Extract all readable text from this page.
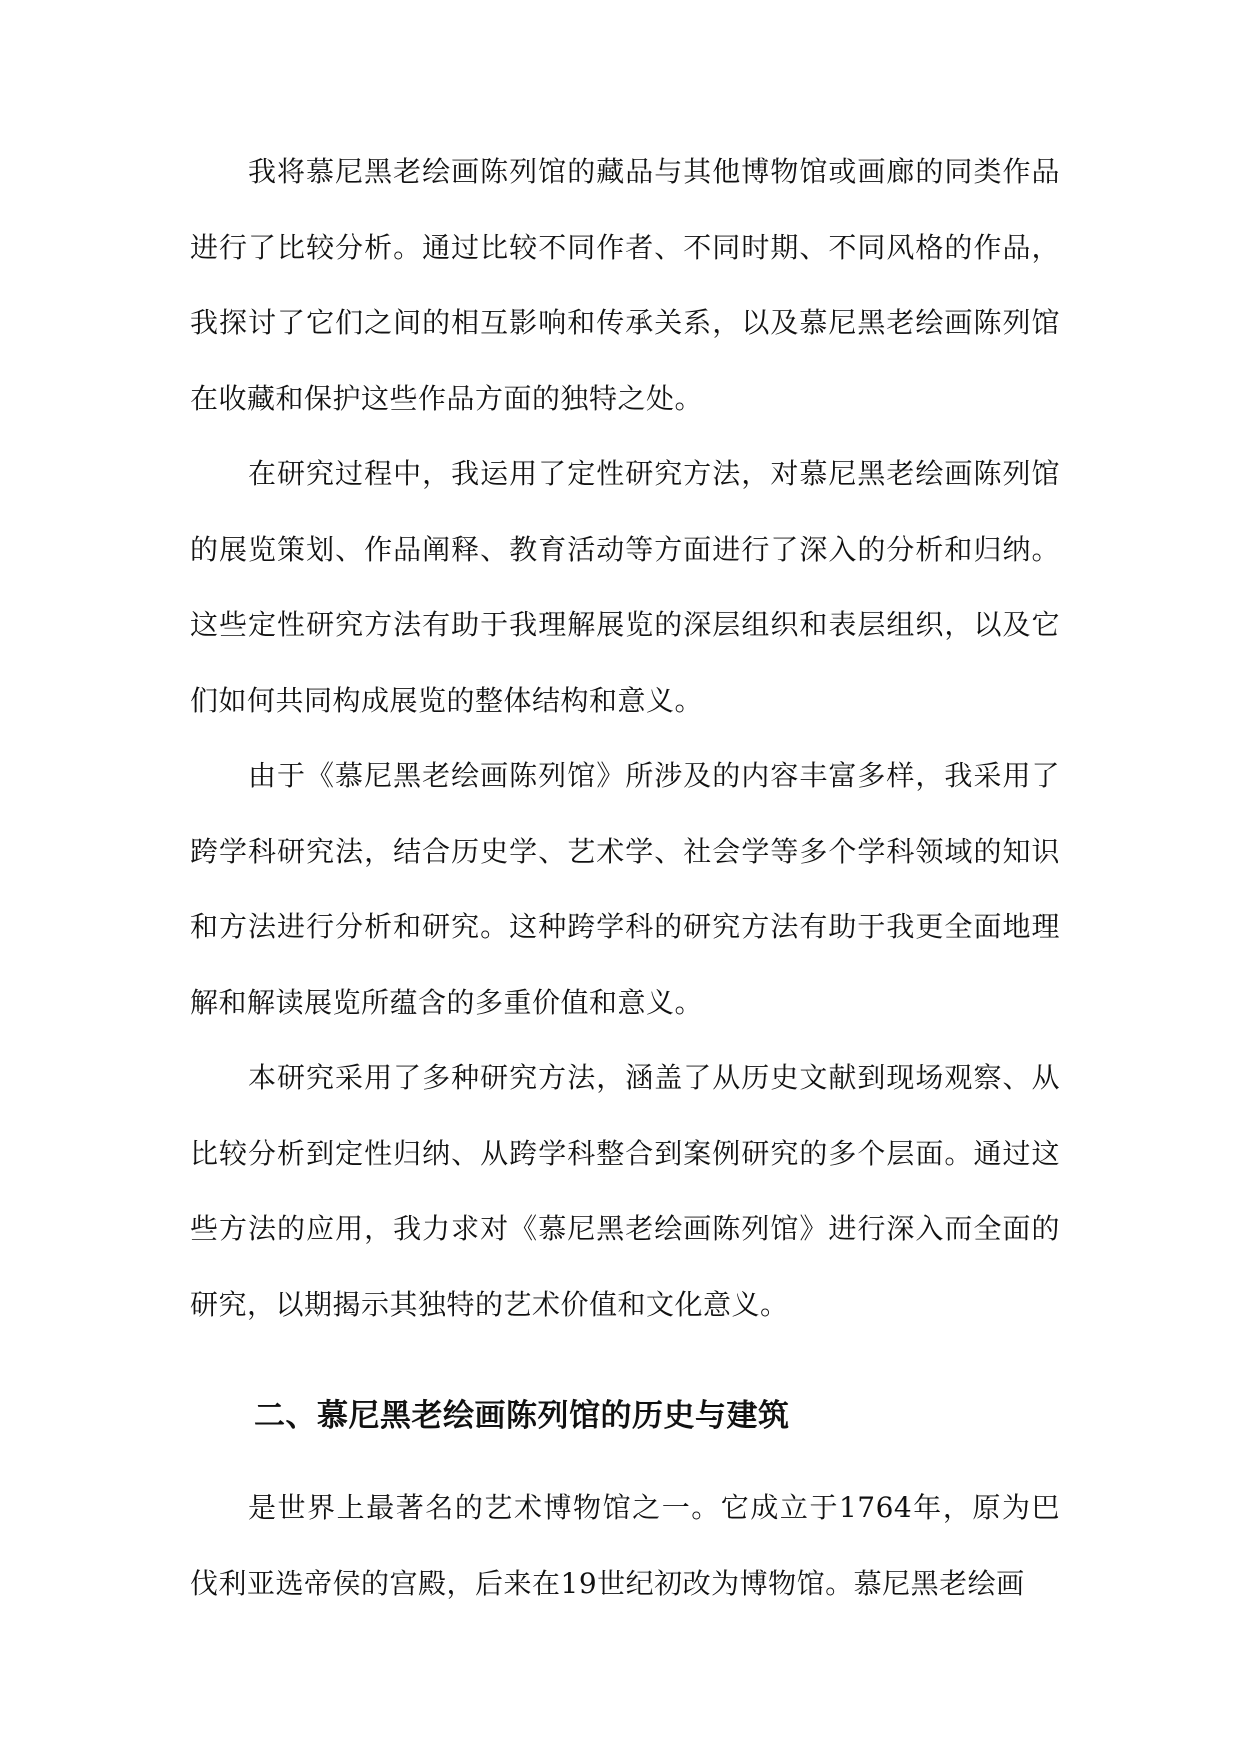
我将慕尼黑老绘画陈列馆的藏品与其他博物馆或画廊的同类作品进行了比较分析。通过比较不同作者、不同时期、不同风格的作品，我探讨了它们之间的相互影响和传承关系，以及慕尼黑老绘画陈列馆在收藏和保护这些作品方面的独特之处。

在研究过程中，我运用了定性研究方法，对慕尼黑老绘画陈列馆的展览策划、作品阐释、教育活动等方面进行了深入的分析和归纳。这些定性研究方法有助于我理解展览的深层组织和表层组织，以及它们如何共同构成展览的整体结构和意义。

由于《慕尼黑老绘画陈列馆》所涉及的内容丰富多样，我采用了跨学科研究法，结合历史学、艺术学、社会学等多个学科领域的知识和方法进行分析和研究。这种跨学科的研究方法有助于我更全面地理解和解读展览所蕴含的多重价值和意义。

本研究采用了多种研究方法，涵盖了从历史文献到现场观察、从比较分析到定性归纳、从跨学科整合到案例研究的多个层面。通过这些方法的应用，我力求对《慕尼黑老绘画陈列馆》进行深入而全面的研究，以期揭示其独特的艺术价值和文化意义。

二、慕尼黑老绘画陈列馆的历史与建筑

是世界上最著名的艺术博物馆之一。它成立于1764年，原为巴伐利亚选帝侯的宫殿，后来在19世纪初改为博物馆。慕尼黑老绘画
